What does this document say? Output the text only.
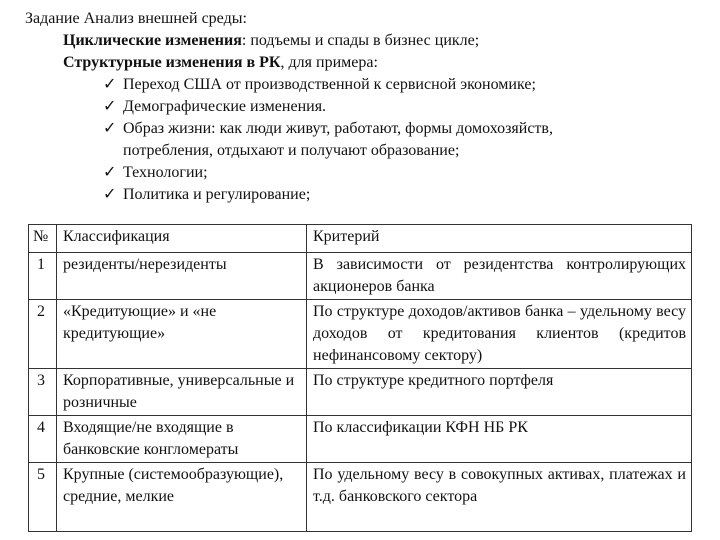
Задание Анализ внешней среды:
Циклические изменения: подъемы и спады в бизнес цикле;
Структурные изменения в РК, для примера:
✓ Переход США от производственной к сервисной экономике;
✓ Демографические изменения.
✓ Образ жизни: как люди живут, работают, формы домохозяйств, потребления, отдыхают и получают образование;
✓ Технологии;
✓ Политика и регулирование;
№	Классификация	Критерий
1	резиденты/нерезиденты	В зависимости от резидентства контролирующих акционеров банка
2	«Кредитующие» и «не кредитующие»	По структуре доходов/активов банка – удельному весу доходов от кредитования клиентов (кредитов нефинансовому сектору)
3	Корпоративные, универсальные и розничные	По структуре кредитного портфеля
4	Входящие/не входящие в банковские конгломераты	По классификации КФН НБ РК
5	Крупные (системообразующие), средние, мелкие	По удельному весу в совокупных активах, платежах и т.д. банковского сектора
